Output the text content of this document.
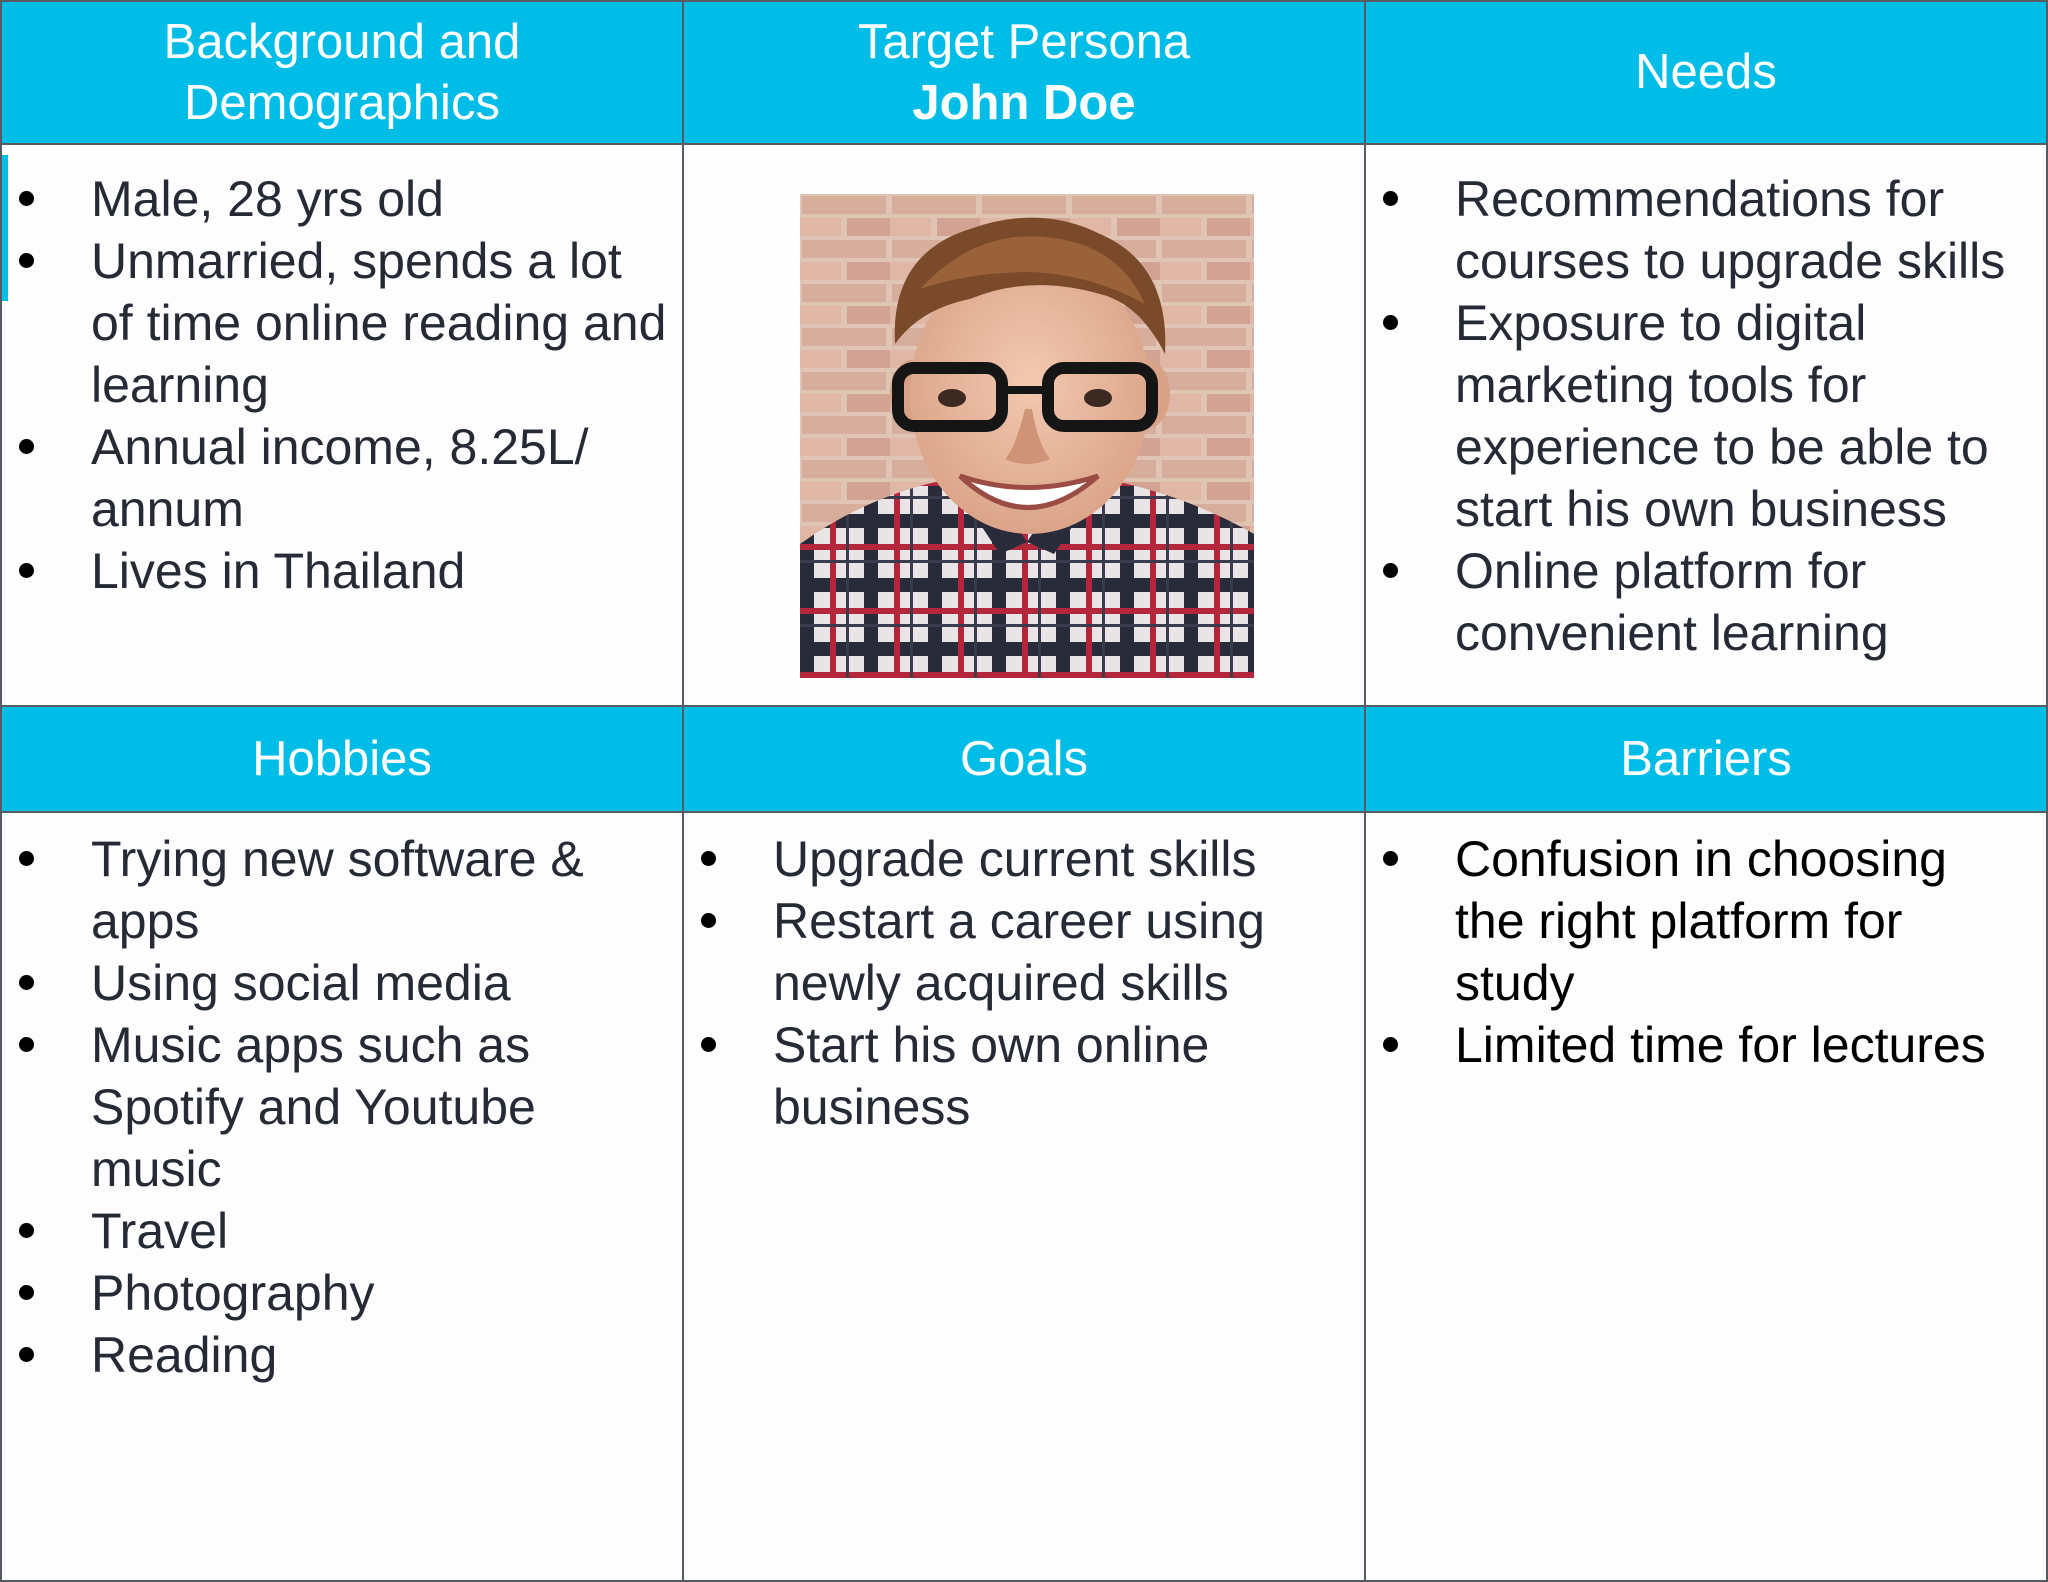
Background and Demographics
Target Persona
John Doe
Needs
Male, 28 yrs old
Unmarried, spends a lot of time online reading and learning
Annual income, 8.25L/ annum
Lives in Thailand
Recommendations for courses to upgrade skills
Exposure to digital marketing tools for experience to be able to start his own business
Online platform for convenient learning
Hobbies	Goals	Barriers
Trying new software & apps
Using social media
Music apps such as Spotify and Youtube music
Travel
Photography
Reading
Upgrade current skills
Restart a career using newly acquired skills
Start his own online business
Confusion in choosing the right platform for study
Limited time for lectures
